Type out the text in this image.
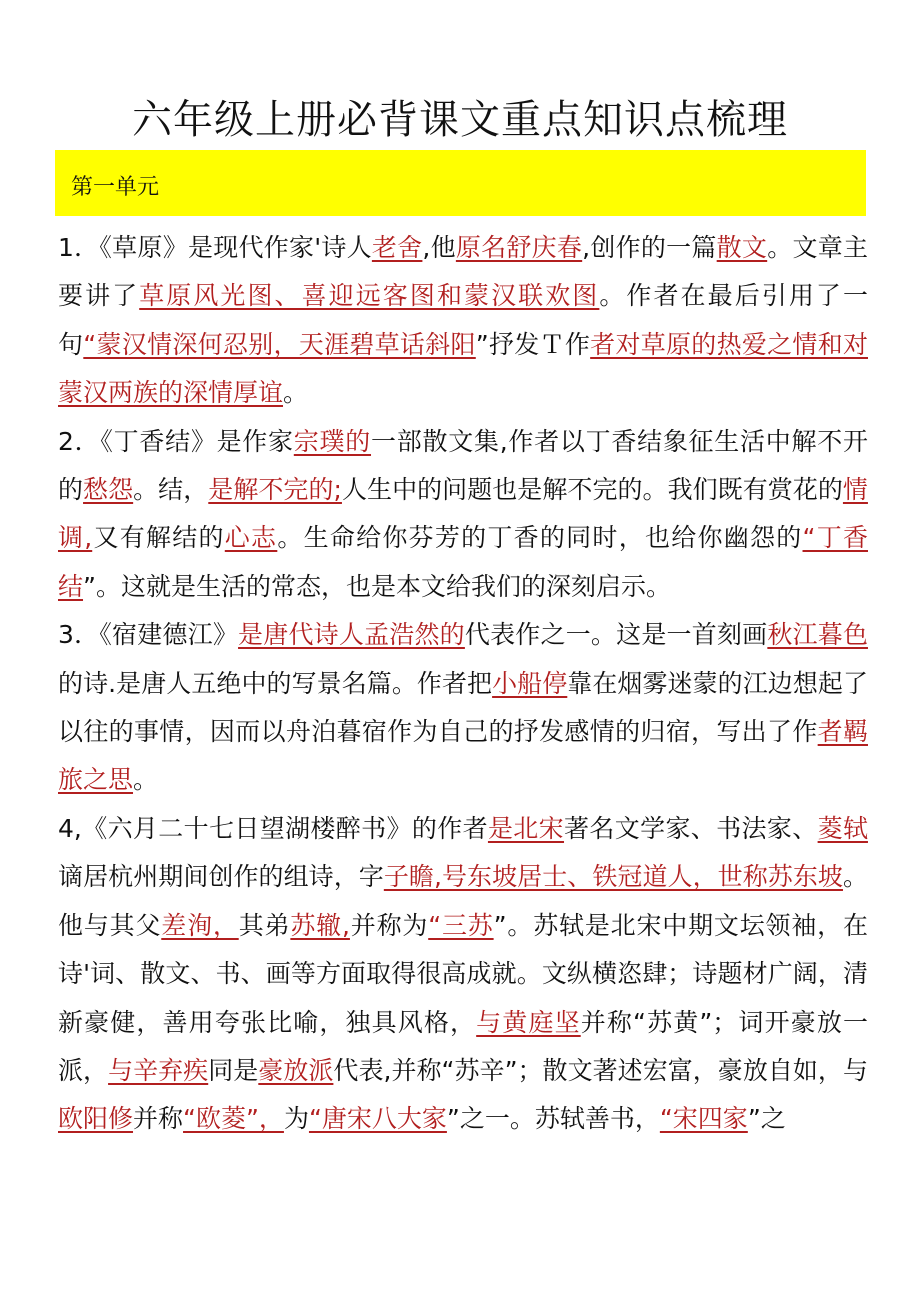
六年级上册必背课文重点知识点梳理
第一单元

1．《草原》是现代作家'诗人老舍,他原名舒庆春,创作的一篇散文。文章主要讲了草原风光图、喜迎远客图和蒙汉联欢图。作者在最后引用了一句“蒙汉情深何忍别，天涯碧草话斜阳”抒发Ｔ作者对草原的热爱之情和对蒙汉两族的深情厚谊。

2．《丁香结》是作家宗璞的一部散文集,作者以丁香结象征生活中解不开的愁怨。结，是解不完的;人生中的问题也是解不完的。我们既有赏花的情调,又有解结的心志。生命给你芬芳的丁香的同时，也给你幽怨的“丁香结”。这就是生活的常态，也是本文给我们的深刻启示。

3．《宿建德江》是唐代诗人孟浩然的代表作之一。这是一首刻画秋江暮色的诗.是唐人五绝中的写景名篇。作者把小船停靠在烟雾迷蒙的江边想起了以往的事情，因而以舟泊暮宿作为自己的抒发感情的归宿，写出了作者羁旅之思。

4,《六月二十七日望湖楼醉书》的作者是北宋著名文学家、书法家、菱轼谪居杭州期间创作的组诗，字子瞻,号东坡居士、铁冠道人，世称苏东坡。他与其父差洵，其弟苏辙,并称为“三苏”。苏轼是北宋中期文坛领袖，在诗'词、散文、书、画等方面取得很高成就。文纵横恣肆；诗题材广阔，清新豪健，善用夸张比喻，独具风格，与黄庭坚并称“苏黄”；词开豪放一派，与辛弃疾同是豪放派代表,并称“苏辛”；散文著述宏富，豪放自如，与欧阳修并称“欧菱”，为“唐宋八大家”之一。苏轼善书，“宋四家”之
